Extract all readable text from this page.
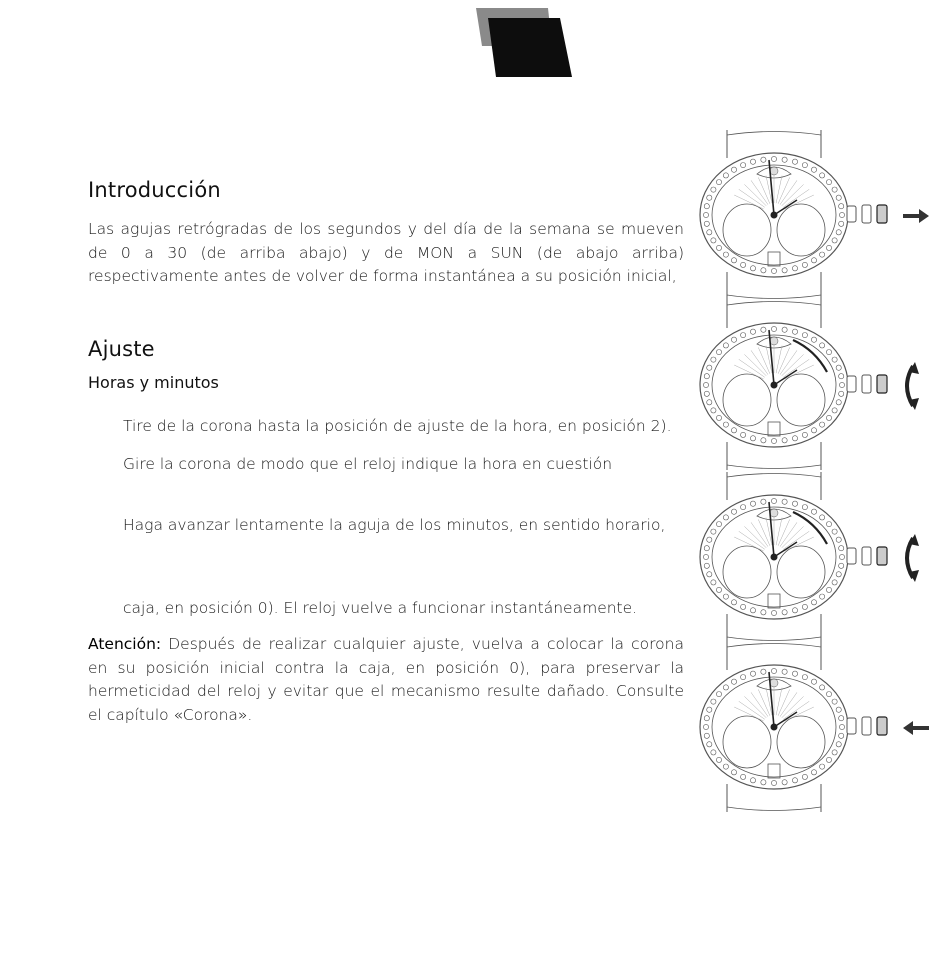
Introducción

Las agujas retrógradas de los segundos y del día de la semana se mueven de 0 a 30 (de arriba abajo) y de MON a SUN (de abajo arriba) respectivamente antes de volver de forma instantánea a su posición inicial,

Ajuste
Horas y minutos

Tire de la corona hasta la posición de ajuste de la hora, en posición 2).

Gire la corona de modo que el reloj indique la hora en cuestión

Haga avanzar lentamente la aguja de los minutos, en sentido horario,

caja, en posición 0). El reloj vuelve a funcionar instantáneamente.

Atención: Después de realizar cualquier ajuste, vuelva a colocar la corona en su posición inicial contra la caja, en posición 0), para preservar la hermeticidad del reloj y evitar que el mecanismo resulte dañado. Consulte el capítulo «Corona».
